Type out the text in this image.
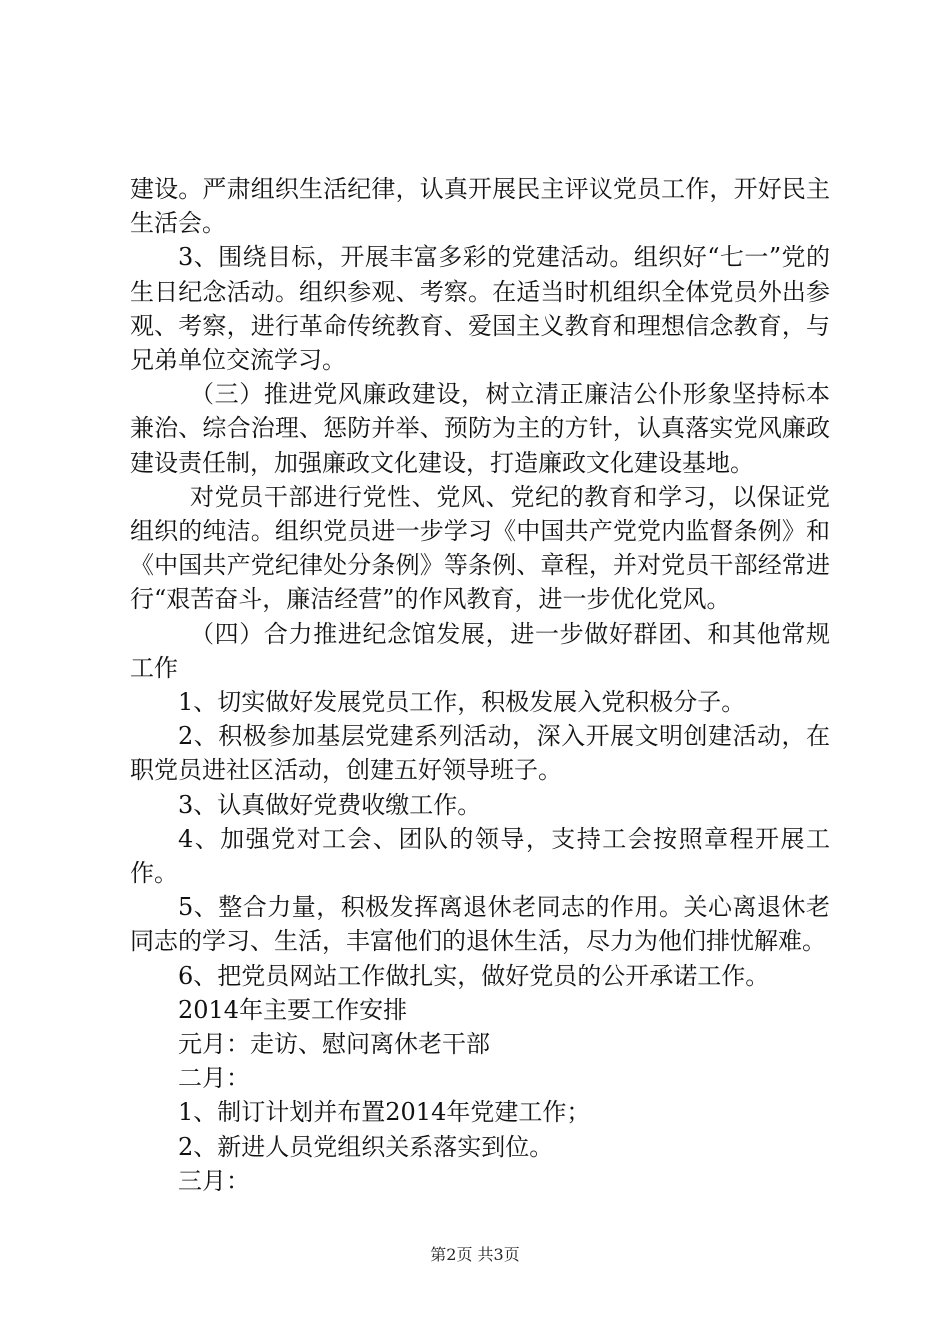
建设。严肃组织生活纪律，认真开展民主评议党员工作，开好民主生活会。

3、围绕目标，开展丰富多彩的党建活动。组织好“七一”党的生日纪念活动。组织参观、考察。在适当时机组织全体党员外出参观、考察，进行革命传统教育、爱国主义教育和理想信念教育，与兄弟单位交流学习。

（三）推进党风廉政建设，树立清正廉洁公仆形象坚持标本兼治、综合治理、惩防并举、预防为主的方针，认真落实党风廉政建设责任制，加强廉政文化建设，打造廉政文化建设基地。

对党员干部进行党性、党风、党纪的教育和学习，以保证党组织的纯洁。组织党员进一步学习《中国共产党党内监督条例》和《中国共产党纪律处分条例》等条例、章程，并对党员干部经常进行“艰苦奋斗，廉洁经营”的作风教育，进一步优化党风。

（四）合力推进纪念馆发展，进一步做好群团、和其他常规工作

1、切实做好发展党员工作，积极发展入党积极分子。

2、积极参加基层党建系列活动，深入开展文明创建活动，在职党员进社区活动，创建五好领导班子。

3、认真做好党费收缴工作。

4、加强党对工会、团队的领导，支持工会按照章程开展工作。

5、整合力量，积极发挥离退休老同志的作用。关心离退休老同志的学习、生活，丰富他们的退休生活，尽力为他们排忧解难。

6、把党员网站工作做扎实，做好党员的公开承诺工作。

2014年主要工作安排

元月：走访、慰问离休老干部

二月：

1、制订计划并布置2014年党建工作；

2、新进人员党组织关系落实到位。

三月：

第2页 共3页
